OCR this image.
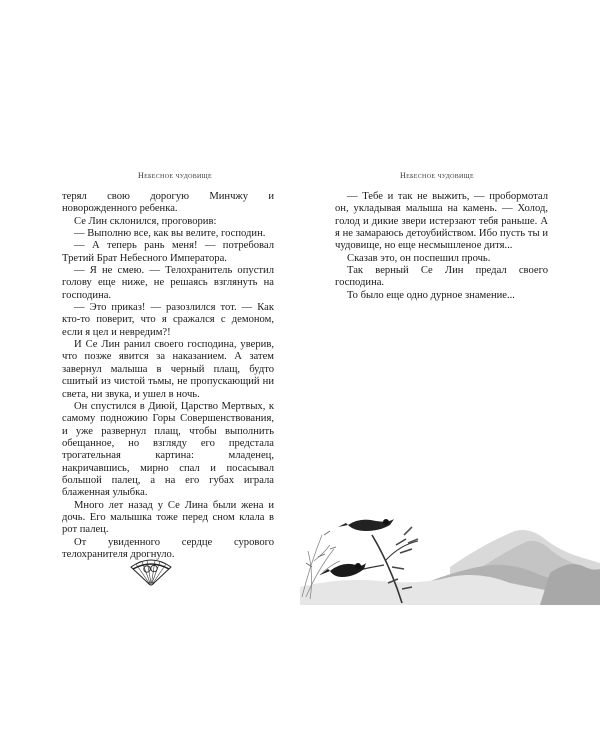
Небесное чудовище

терял свою дорогую Минчжу и новорожденного ребенка.

Се Лин склонился, проговорив:

— Выполню все, как вы велите, господин.

— А теперь рань меня! — потребовал Третий Брат Небесного Императора.

— Я не смею. — Телохранитель опустил голову еще ниже, не решаясь взглянуть на господина.

— Это приказ! — разозлился тот. — Как кто-то поверит, что я сражался с демоном, если я цел и невредим?!

И Се Лин ранил своего господина, уверив, что позже явится за наказанием. А затем завернул малыша в черный плащ, будто сшитый из чистой тьмы, не пропускающий ни света, ни звука, и ушел в ночь.

Он спустился в Диюй, Царство Мертвых, к самому подножию Горы Совершенствования, и уже развернул плащ, чтобы выполнить обещанное, но взгляду его предстала трогательная картина: младенец, накричавшись, мирно спал и посасывал большой палец, а на его губах играла блаженная улыбка.

Много лет назад у Се Лина были жена и дочь. Его малышка тоже перед сном клала в рот палец.

От увиденного сердце сурового телохранителя дрогнуло.

Небесное чудовище

— Тебе и так не выжить, — пробормотал он, укладывая малыша на камень. — Холод, голод и дикие звери истерзают тебя раньше. А я не замараюсь детоубийством. Ибо пусть ты и чудовище, но еще несмышленое дитя...

Сказав это, он поспешил прочь.

Так верный Се Лин предал своего господина.

То было еще одно дурное знамение...
